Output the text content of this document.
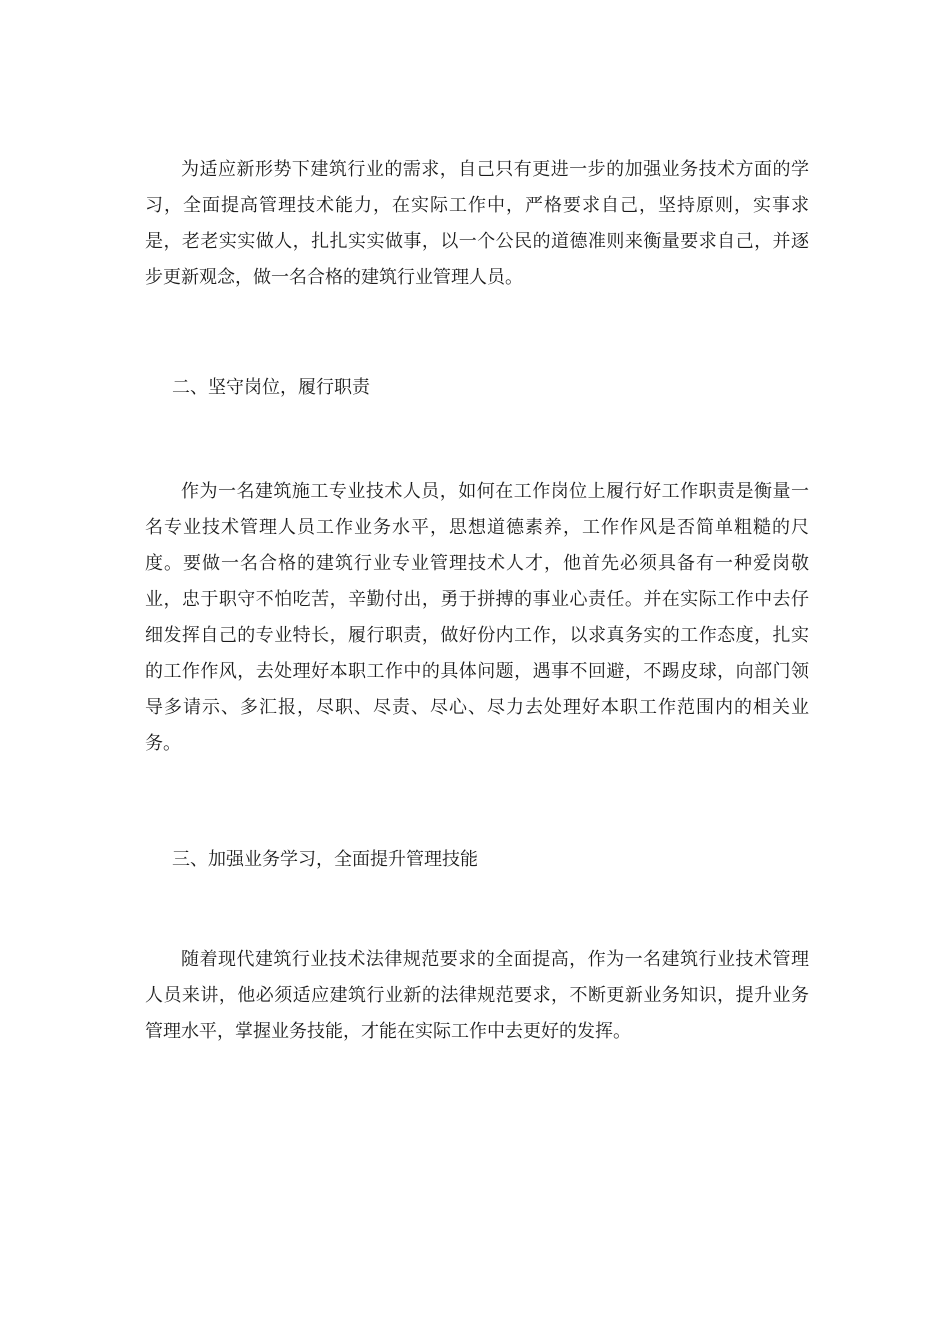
为适应新形势下建筑行业的需求，自己只有更进一步的加强业务技术方面的学习，全面提高管理技术能力，在实际工作中，严格要求自己，坚持原则，实事求是，老老实实做人，扎扎实实做事，以一个公民的道德准则来衡量要求自己，并逐步更新观念，做一名合格的建筑行业管理人员。

二、坚守岗位，履行职责

作为一名建筑施工专业技术人员，如何在工作岗位上履行好工作职责是衡量一名专业技术管理人员工作业务水平，思想道德素养，工作作风是否简单粗糙的尺度。要做一名合格的建筑行业专业管理技术人才，他首先必须具备有一种爱岗敬业，忠于职守不怕吃苦，辛勤付出，勇于拼搏的事业心责任。并在实际工作中去仔细发挥自己的专业特长，履行职责，做好份内工作，以求真务实的工作态度，扎实的工作作风，去处理好本职工作中的具体问题，遇事不回避，不踢皮球，向部门领导多请示、多汇报，尽职、尽责、尽心、尽力去处理好本职工作范围内的相关业务。

三、加强业务学习，全面提升管理技能

随着现代建筑行业技术法律规范要求的全面提高，作为一名建筑行业技术管理人员来讲，他必须适应建筑行业新的法律规范要求，不断更新业务知识，提升业务管理水平，掌握业务技能，才能在实际工作中去更好的发挥。
